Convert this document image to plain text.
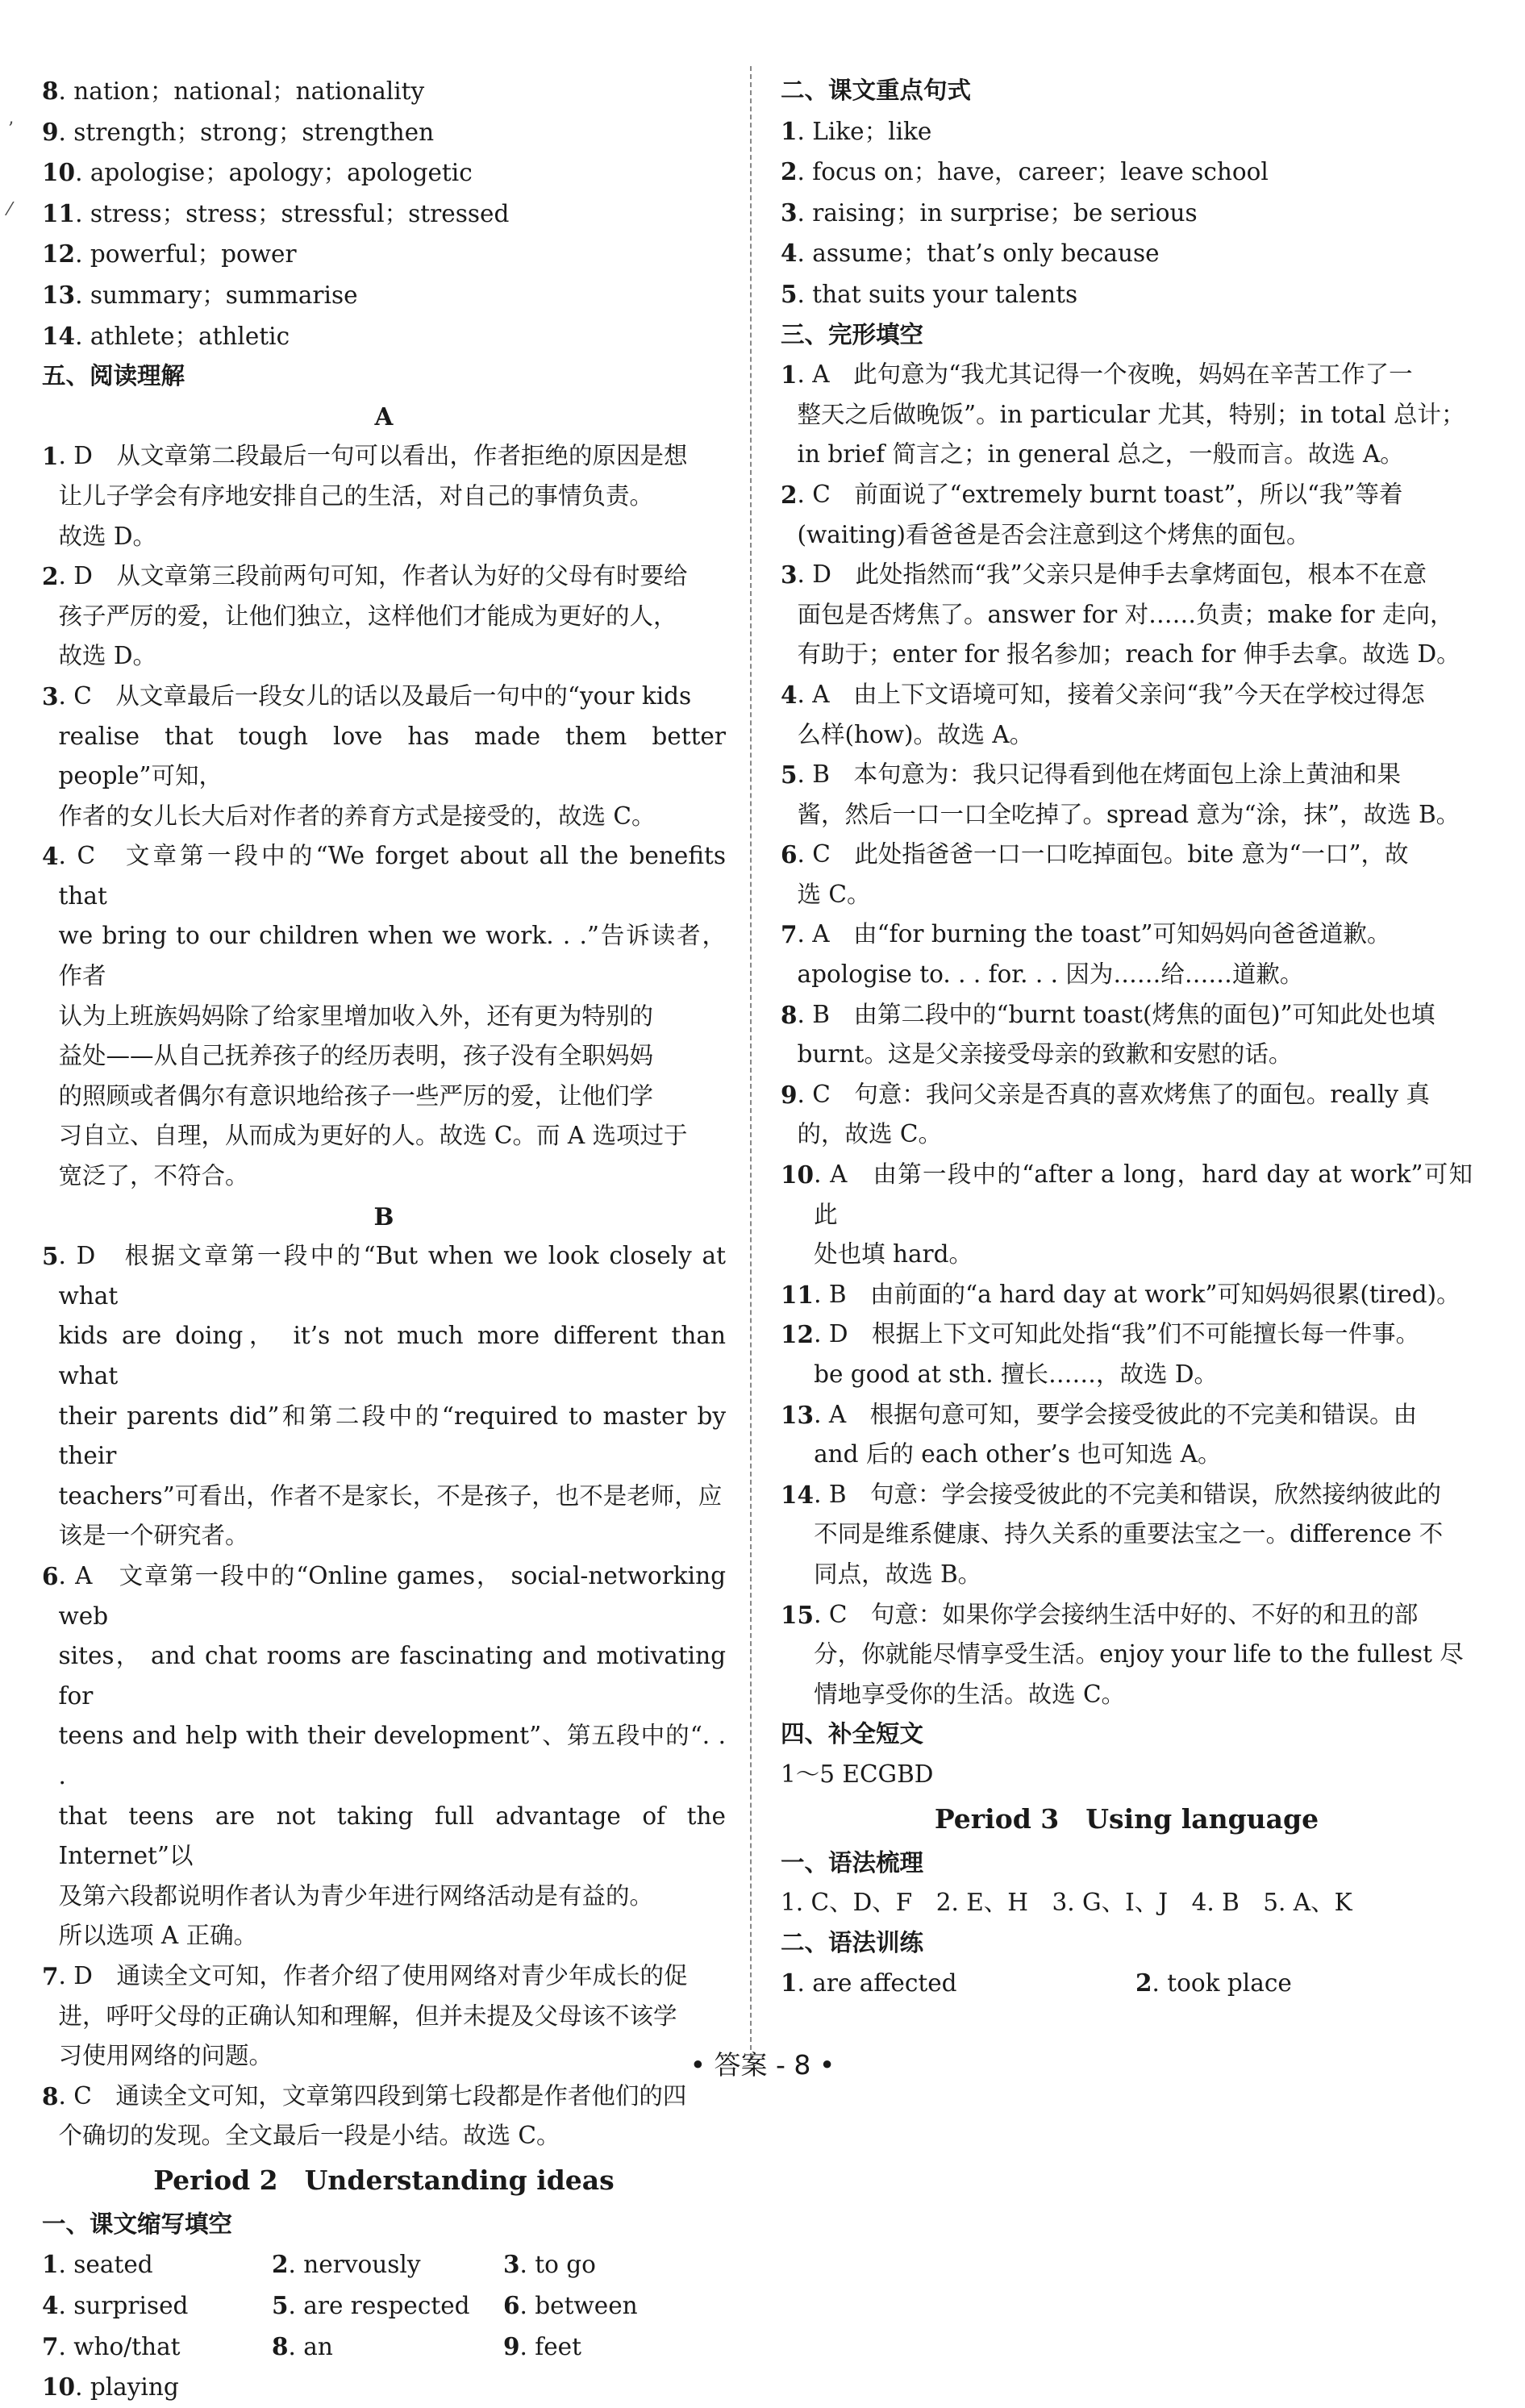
’
⁄
8. nation；national；nationality
9. strength；strong；strengthen
10. apologise；apology；apologetic
11. stress；stress；stressful；stressed
12. powerful；power
13. summary；summarise
14. athlete；athletic
五、阅读理解
A
1 . D　从文章第二段最后一句可以看出，作者拒绝的原因是想
让儿子学会有序地安排自己的生活，对自己的事情负责。
故选 D。
2 . D　从文章第三段前两句可知，作者认为好的父母有时要给
孩子严厉的爱，让他们独立，这样他们才能成为更好的人，
故选 D。
3 . C　从文章最后一段女儿的话以及最后一句中的“your kids
realise that tough love has made them better people”可知，
作者的女儿长大后对作者的养育方式是接受的，故选 C。
4 . C　文章第一段中的“We forget about all the benefits that
we bring to our children when we work. . .”告诉读者，作者
认为上班族妈妈除了给家里增加收入外，还有更为特别的
益处——从自己抚养孩子的经历表明，孩子没有全职妈妈
的照顾或者偶尔有意识地给孩子一些严厉的爱，让他们学
习自立、自理，从而成为更好的人。故选 C。而 A 选项过于
宽泛了，不符合。
B
5 . D　根据文章第一段中的“But when we look closely at what
kids are doing， it’s not much more different than what
their parents did”和第二段中的“required to master by their
teachers”可看出，作者不是家长，不是孩子，也不是老师，应
该是一个研究者。
6 . A　文章第一段中的“Online games， social-networking web
sites， and chat rooms are fascinating and motivating for
teens and help with their development”、第五段中的“. . .
that teens are not taking full advantage of the Internet”以
及第六段都说明作者认为青少年进行网络活动是有益的。
所以选项 A 正确。
7 . D　通读全文可知，作者介绍了使用网络对青少年成长的促
进，呼吁父母的正确认知和理解，但并未提及父母该不该学
习使用网络的问题。
8 . C　通读全文可知，文章第四段到第七段都是作者他们的四
个确切的发现。全文最后一段是小结。故选 C。
Period 2　Understanding ideas
一、课文缩写填空
1. seated	2. nervously	3. to go
4. surprised	5. are respected	6. between
7. who/that	8. an	9. feet
10. playing
二、课文重点句式
1. Like；like
2. focus on；have，career；leave school
3. raising；in surprise；be serious
4. assume；that’s only because
5. that suits your talents
三、完形填空
1 . A　此句意为“我尤其记得一个夜晚，妈妈在辛苦工作了一
整天之后做晚饭”。in particular 尤其，特别；in total 总计；
in brief 简言之；in general 总之，一般而言。故选 A。
2 . C　前面说了“extremely burnt toast”，所以“我”等着
(waiting)看爸爸是否会注意到这个烤焦的面包。
3 . D　此处指然而“我”父亲只是伸手去拿烤面包，根本不在意
面包是否烤焦了。answer for 对……负责；make for 走向，
有助于；enter for 报名参加；reach for 伸手去拿。故选 D。
4 . A　由上下文语境可知，接着父亲问“我”今天在学校过得怎
么样(how)。故选 A。
5 . B　本句意为：我只记得看到他在烤面包上涂上黄油和果
酱，然后一口一口全吃掉了。spread 意为“涂，抹”，故选 B。
6 . C　此处指爸爸一口一口吃掉面包。bite 意为“一口”，故
选 C。
7 . A　由“for burning the toast”可知妈妈向爸爸道歉。
apologise to. . . for. . . 因为……给……道歉。
8 . B　由第二段中的“burnt toast(烤焦的面包)”可知此处也填
burnt。这是父亲接受母亲的致歉和安慰的话。
9 . C　句意：我问父亲是否真的喜欢烤焦了的面包。really 真
的，故选 C。
10 . A　由第一段中的“after a long，hard day at work”可知此
处也填 hard。
11 . B　由前面的“a hard day at work”可知妈妈很累(tired)。
12 . D　根据上下文可知此处指“我”们不可能擅长每一件事。
be good at sth. 擅长……，故选 D。
13 . A　根据句意可知，要学会接受彼此的不完美和错误。由
and 后的 each other’s 也可知选 A。
14 . B　句意：学会接受彼此的不完美和错误，欣然接纳彼此的
不同是维系健康、持久关系的重要法宝之一。difference 不
同点，故选 B。
15 . C　句意：如果你学会接纳生活中好的、不好的和丑的部
分，你就能尽情享受生活。enjoy your life to the fullest 尽
情地享受你的生活。故选 C。
四、补全短文
1～5 ECGBD
Period 3　Using language
一、语法梳理
1. C、D、F　2. E、H　3. G、I、J　4. B　5. A、K
二、语法训练
1. are affected	2. took place
• 答案 - 8 •
